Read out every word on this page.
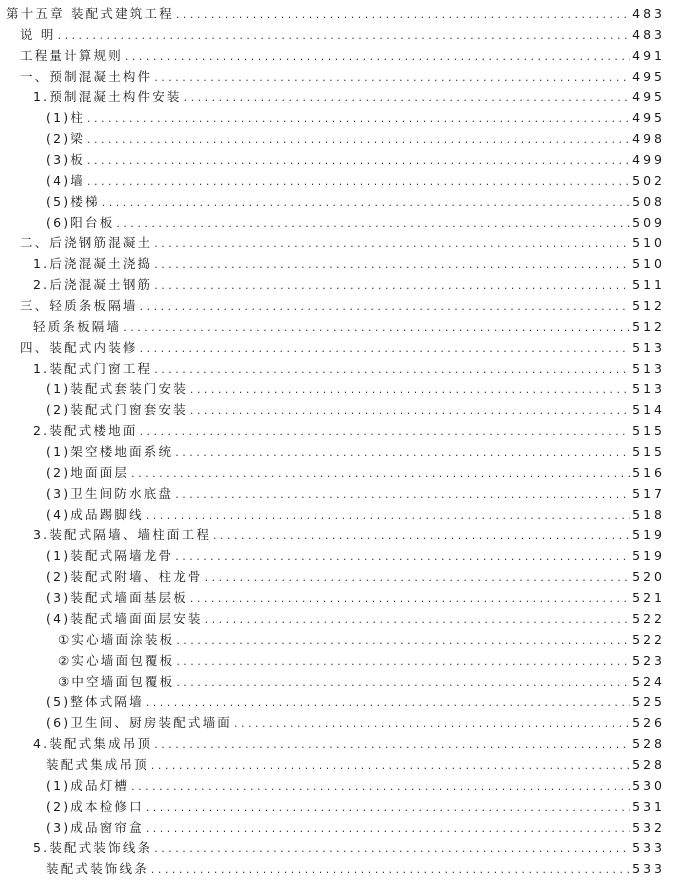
第十五章 装配式建筑工程 . . .	483
说 明 . . .	483
工程量计算规则 . . .	491
一、预制混凝土构件 . . .	495
1.预制混凝土构件安装 . . .	495
(1)柱 . . .	495
(2)梁 . . .	498
(3)板 . . .	499
(4)墙 . . .	502
(5)楼梯 . . .	508
(6)阳台板 . . .	509
二、后浇钢筋混凝土 . . .	510
1.后浇混凝土浇捣 . . .	510
2.后浇混凝土钢筋 . . .	511
三、轻质条板隔墙 . . .	512
轻质条板隔墙 . . .	512
四、装配式内装修 . . .	513
1.装配式门窗工程 . . .	513
(1)装配式套装门安装 . . .	513
(2)装配式门窗套安装 . . .	514
2.装配式楼地面 . . .	515
(1)架空楼地面系统 . . .	515
(2)地面面层 . . .	516
(3)卫生间防水底盘 . . .	517
(4)成品踢脚线 . . .	518
3.装配式隔墙、墙柱面工程 . . .	519
(1)装配式隔墙龙骨 . . .	519
(2)装配式附墙、柱龙骨 . . .	520
(3)装配式墙面基层板 . . .	521
(4)装配式墙面面层安装 . . .	522
①实心墙面涂装板 . . .	522
②实心墙面包覆板 . . .	523
③中空墙面包覆板 . . .	524
(5)整体式隔墙 . . .	525
(6)卫生间、厨房装配式墙面 . . .	526
4.装配式集成吊顶 . . .	528
装配式集成吊顶 . . .	528
(1)成品灯槽 . . .	530
(2)成本检修口 . . .	531
(3)成品窗帘盒 . . .	532
5.装配式装饰线条 . . .	533
装配式装饰线条 . . .	533
